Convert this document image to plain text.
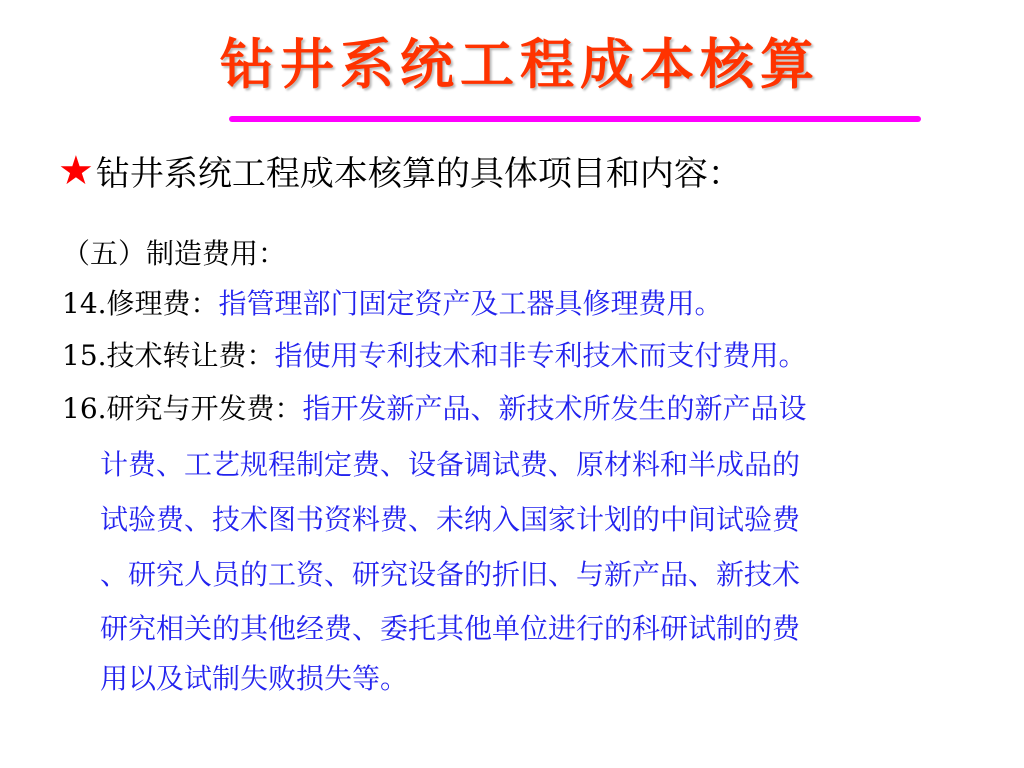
钻井系统工程成本核算
★ 钻井系统工程成本核算的具体项目和内容：
（五）制造费用：
14.修理费：指管理部门固定资产及工器具修理费用。
15.技术转让费：指使用专利技术和非专利技术而支付费用。
16.研究与开发费：指开发新产品、新技术所发生的新产品设
计费、工艺规程制定费、设备调试费、原材料和半成品的
试验费、技术图书资料费、未纳入国家计划的中间试验费
、研究人员的工资、研究设备的折旧、与新产品、新技术
研究相关的其他经费、委托其他单位进行的科研试制的费
用以及试制失败损失等。
